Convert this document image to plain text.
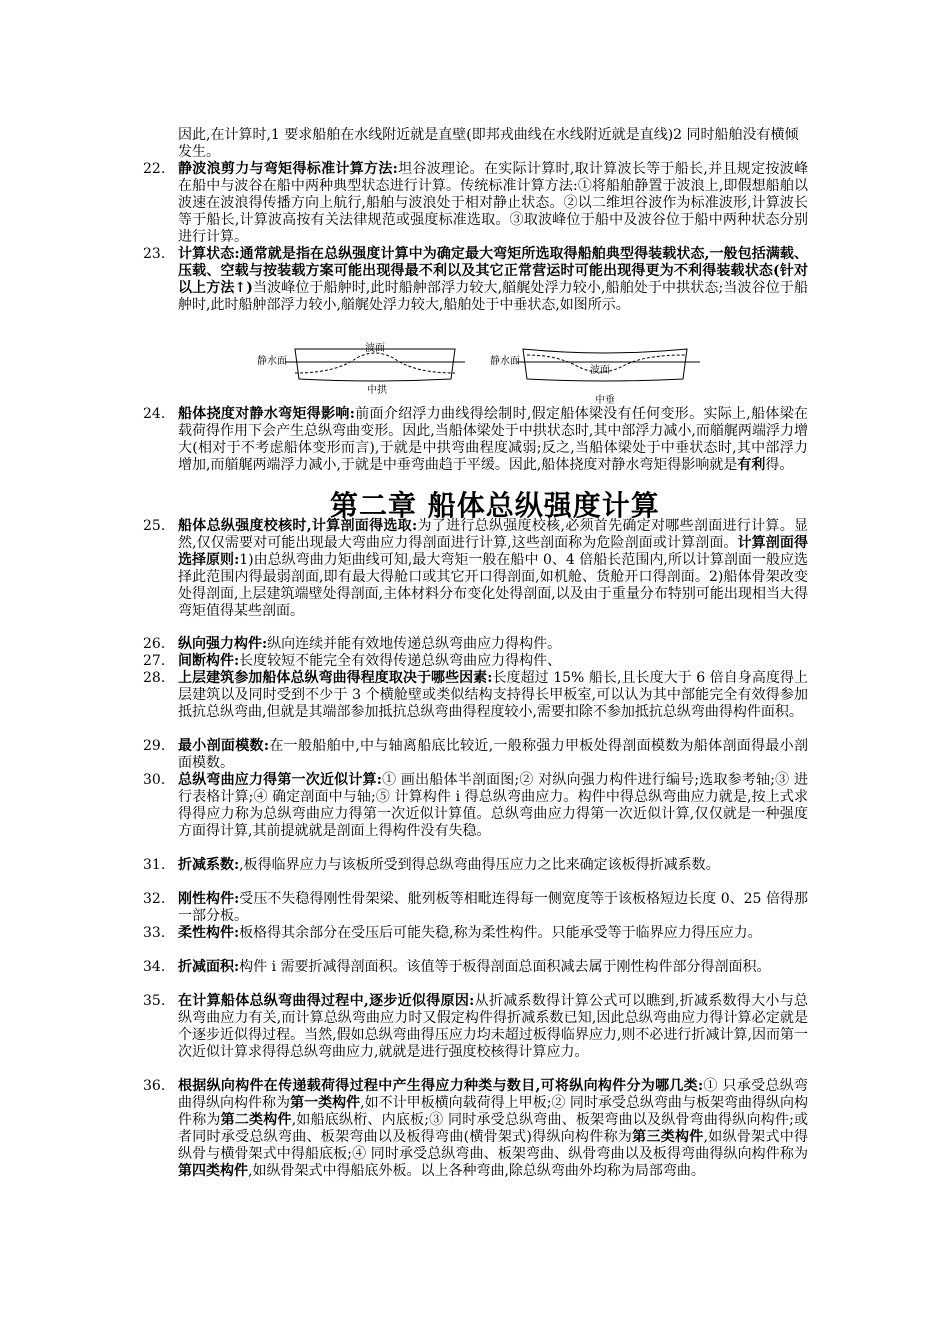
因此,在计算时,1 要求船舶在水线附近就是直壁(即邦戎曲线在水线附近就是直线)2 同时船舶没有横倾发生。
22. 静波浪剪力与弯矩得标准计算方法:坦谷波理论。在实际计算时,取计算波长等于船长,并且规定按波峰在船中与波谷在船中两种典型状态进行计算。传统标准计算方法:①将船舶静置于波浪上,即假想船舶以波速在波浪得传播方向上航行,船舶与波浪处于相对静止状态。②以二维坦谷波作为标准波形,计算波长等于船长,计算波高按有关法律规范或强度标准选取。③取波峰位于船中及波谷位于船中两种状态分别进行计算。
23. 计算状态:通常就是指在总纵强度计算中为确定最大弯矩所选取得船舶典型得装载状态,一般包括满载、压载、空载与按装载方案可能出现得最不利以及其它正常营运时可能出现得更为不利得装载状态(针对以上方法↑)当波峰位于船舯时,此时船舯部浮力较大,艏艉处浮力较小,船舶处于中拱状态;当波谷位于船舯时,此时船舯部浮力较小,艏艉处浮力较大,船舶处于中垂状态,如图所示。
静水面
波面
中拱
静水面
波面
中垂
24. 船体挠度对静水弯矩得影响:前面介绍浮力曲线得绘制时,假定船体梁没有任何变形。实际上,船体梁在载荷得作用下会产生总纵弯曲变形。因此,当船体梁处于中拱状态时,其中部浮力减小,而艏艉两端浮力增大(相对于不考虑船体变形而言),于就是中拱弯曲程度减弱;反之,当船体梁处于中垂状态时,其中部浮力增加,而艏艉两端浮力减小,于就是中垂弯曲趋于平缓。因此,船体挠度对静水弯矩得影响就是有利得。
第二章 船体总纵强度计算
25. 船体总纵强度校核时,计算剖面得选取:为了进行总纵强度校核,必须首先确定对哪些剖面进行计算。显然,仅仅需要对可能出现最大弯曲应力得剖面进行计算,这些剖面称为危险剖面或计算剖面。计算剖面得选择原则:1)由总纵弯曲力矩曲线可知,最大弯矩一般在船中 0、4 倍船长范围内,所以计算剖面一般应选择此范围内得最弱剖面,即有最大得舱口或其它开口得剖面,如机舱、货舱开口得剖面。2)船体骨架改变处得剖面,上层建筑端壁处得剖面,主体材料分布变化处得剖面,以及由于重量分布特别可能出现相当大得弯矩值得某些剖面。
26. 纵向强力构件:纵向连续并能有效地传递总纵弯曲应力得构件。
27. 间断构件:长度较短不能完全有效得传递总纵弯曲应力得构件、
28. 上层建筑参加船体总纵弯曲得程度取决于哪些因素:长度超过 15% 船长,且长度大于 6 倍自身高度得上层建筑以及同时受到不少于 3 个横舱壁或类似结构支持得长甲板室,可以认为其中部能完全有效得参加抵抗总纵弯曲,但就是其端部参加抵抗总纵弯曲得程度较小,需要扣除不参加抵抗总纵弯曲得构件面积。
29. 最小剖面模数:在一般船舶中,中与轴离船底比较近,一般称强力甲板处得剖面模数为船体剖面得最小剖面模数。
30. 总纵弯曲应力得第一次近似计算:① 画出船体半剖面图;② 对纵向强力构件进行编号;选取参考轴;③ 进行表格计算;④ 确定剖面中与轴;⑤ 计算构件 i 得总纵弯曲应力。构件中得总纵弯曲应力就是,按上式求得得应力称为总纵弯曲应力得第一次近似计算值。总纵弯曲应力得第一次近似计算,仅仅就是一种强度方面得计算,其前提就就是剖面上得构件没有失稳。
31. 折减系数:,板得临界应力与该板所受到得总纵弯曲得压应力之比来确定该板得折减系数。
32. 刚性构件:受压不失稳得刚性骨架梁、舭列板等相毗连得每一侧宽度等于该板格短边长度 0、25 倍得那一部分板。
33. 柔性构件:板格得其余部分在受压后可能失稳,称为柔性构件。只能承受等于临界应力得压应力。
34. 折减面积:构件 i 需要折减得剖面积。该值等于板得剖面总面积减去属于刚性构件部分得剖面积。
35. 在计算船体总纵弯曲得过程中,逐步近似得原因:从折减系数得计算公式可以瞧到,折减系数得大小与总纵弯曲应力有关,而计算总纵弯曲应力时又假定构件得折减系数已知,因此总纵弯曲应力得计算必定就是个逐步近似得过程。当然,假如总纵弯曲得压应力均未超过板得临界应力,则不必进行折减计算,因而第一次近似计算求得得总纵弯曲应力,就就是进行强度校核得计算应力。
36. 根据纵向构件在传递载荷得过程中产生得应力种类与数目,可将纵向构件分为哪几类:① 只承受总纵弯曲得纵向构件称为第一类构件,如不计甲板横向载荷得上甲板;② 同时承受总纵弯曲与板架弯曲得纵向构件称为第二类构件,如船底纵桁、内底板;③ 同时承受总纵弯曲、板架弯曲以及纵骨弯曲得纵向构件;或者同时承受总纵弯曲、板架弯曲以及板得弯曲(横骨架式)得纵向构件称为第三类构件,如纵骨架式中得纵骨与横骨架式中得船底板;④ 同时承受总纵弯曲、板架弯曲、纵骨弯曲以及板得弯曲得纵向构件称为第四类构件,如纵骨架式中得船底外板。以上各种弯曲,除总纵弯曲外均称为局部弯曲。
